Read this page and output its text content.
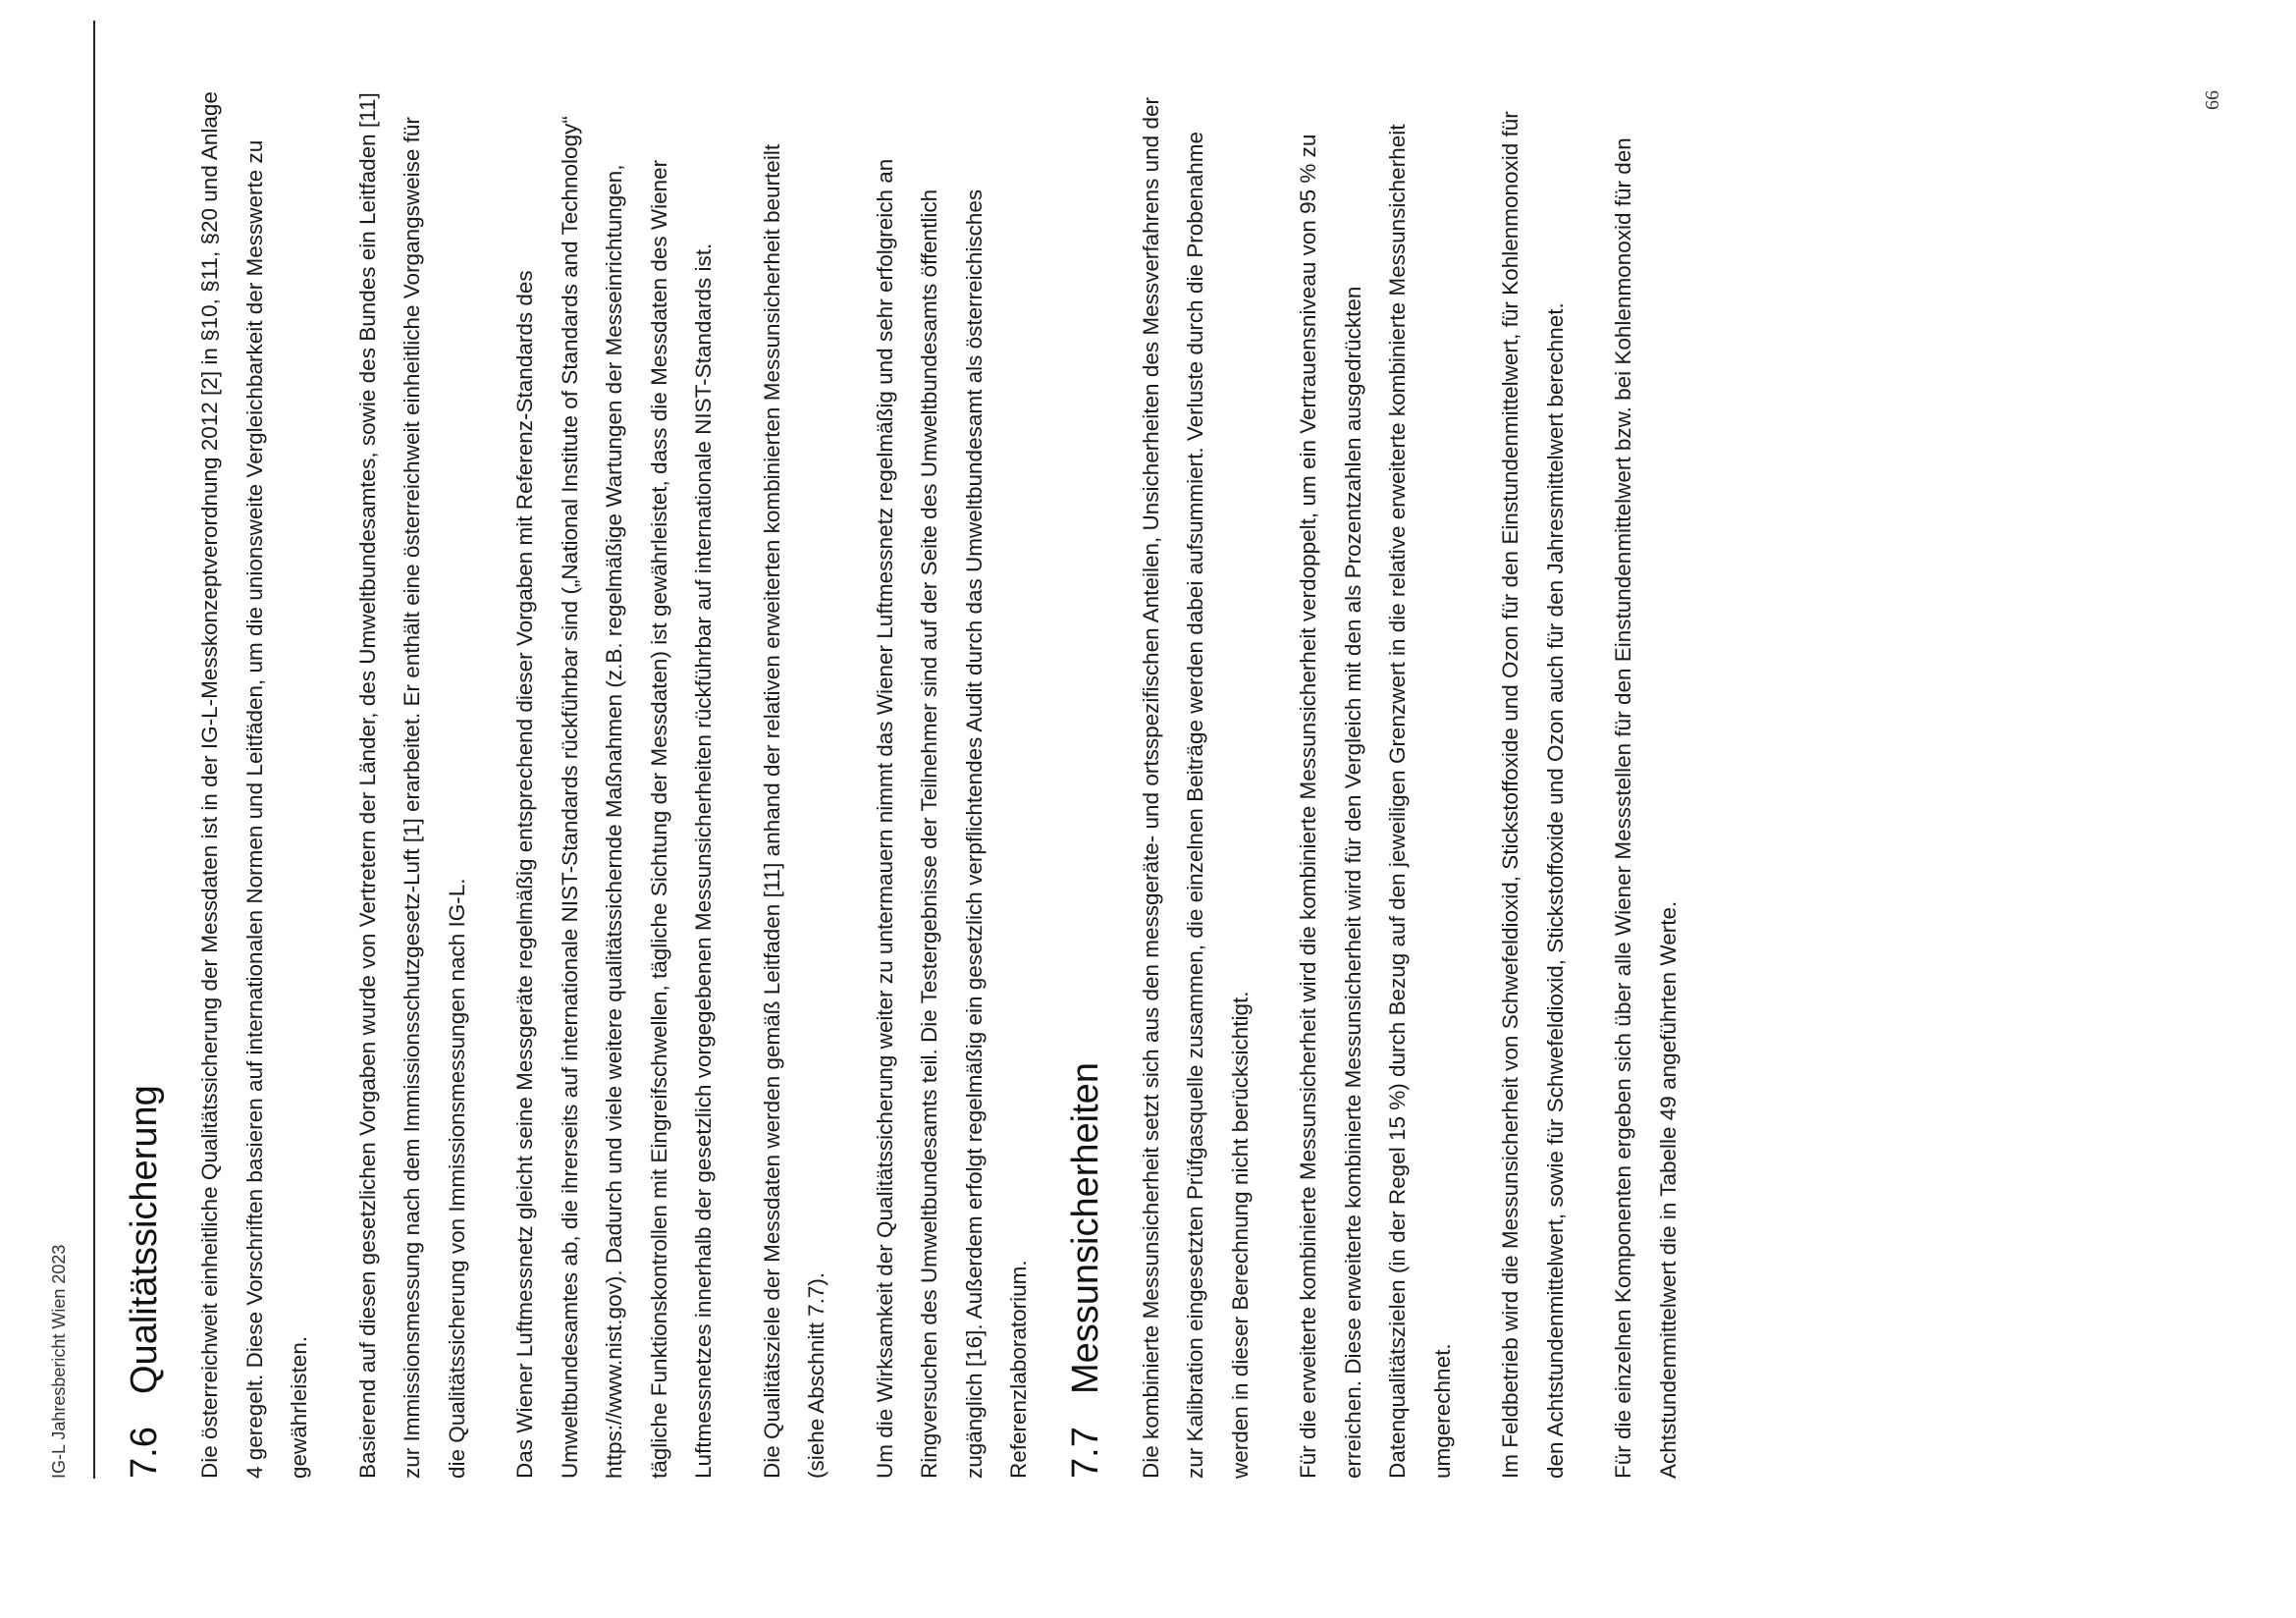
IG-L Jahresbericht Wien 2023 7.6
Qualitätssicherung	Die österreichweit einheitliche Qualitätssicherung der Messdaten ist in der IG-L-Messkonzeptverordnung 2012 [2] in §10, §11, §20 und Anlage 4 geregelt. Diese Vorschriften basieren auf internationalen Normen und Leitfäden, um die unionsweite Vergleichbarkeit der Messwerte zu gewährleisten.	Basierend auf diesen gesetzlichen Vorgaben wurde von Vertretern der Länder, des Umweltbundesamtes, sowie des Bundes ein Leitfaden [11] zur Immissionsmessung nach dem Immissionsschutzgesetz-Luft [1] erarbeitet. Er enthält eine österreichweit einheitliche Vorgangsweise für die Qualitätssicherung von Immissionsmessungen nach IG-L.	Das Wiener Luftmessnetz gleicht seine Messgeräte regelmäßig entsprechend dieser Vorgaben mit Referenz-Standards des Umweltbundesamtes ab, die ihrerseits auf internationale NIST-Standards rückführbar sind („National Institute of Standards and Technology“ https://www.nist.gov). Dadurch und viele weitere qualitätssichernde Maßnahmen (z.B. regelmäßige Wartungen der Messeinrichtungen, tägliche Funktionskontrollen mit Eingreifschwellen, tägliche Sichtung der Messdaten) ist gewährleistet, dass die Messdaten des Wiener Luftmessnetzes innerhalb der gesetzlich vorgegebenen Messunsicherheiten rückführbar auf internationale NIST-Standards ist.	Die Qualitätsziele der Messdaten werden gemäß Leitfaden [11] anhand der relativen erweiterten kombinierten Messunsicherheit beurteilt (siehe Abschnitt 7.7).	Um die Wirksamkeit der Qualitätssicherung weiter zu untermauern nimmt das Wiener Luftmessnetz regelmäßig und sehr erfolgreich an Ringversuchen des Umweltbundesamts teil. Die Testergebnisse der Teilnehmer sind auf der Seite des Umweltbundesamts öffentlich zugänglich [16]. Außerdem erfolgt regelmäßig ein gesetzlich verpflichtendes Audit durch das Umweltbundesamt als österreichisches Referenzlaboratorium. 7.7
Messunsicherheiten	Die kombinierte Messunsicherheit setzt sich aus den messgeräte- und ortsspezifischen Anteilen, Unsicherheiten des Messverfahrens und der zur Kalibration eingesetzten Prüfgasquelle zusammen, die einzelnen Beiträge werden dabei aufsummiert. Verluste durch die Probenahme werden in dieser Berechnung nicht berücksichtigt.	Für die erweiterte kombinierte Messunsicherheit wird die kombinierte Messunsicherheit verdoppelt, um ein Vertrauensniveau von 95 % zu erreichen. Diese erweiterte kombinierte Messunsicherheit wird für den Vergleich mit den als Prozentzahlen ausgedrückten Datenqualitätszielen (in der Regel 15 %) durch Bezug auf den jeweiligen Grenzwert in die relative erweiterte kombinierte Messunsicherheit umgerechnet.	Im Feldbetrieb wird die Messunsicherheit von Schwefeldioxid, Stickstoffoxide und Ozon für den Einstundenmittelwert, für Kohlenmonoxid für den Achtstundenmittelwert, sowie für Schwefeldioxid, Stickstoffoxide und Ozon auch für den Jahresmittelwert berechnet.	Für die einzelnen Komponenten ergeben sich über alle Wiener Messstellen für den Einstundenmittelwert bzw. bei Kohlenmonoxid für den Achtstundenmittelwert die in Tabelle 49 angeführten Werte.

66
